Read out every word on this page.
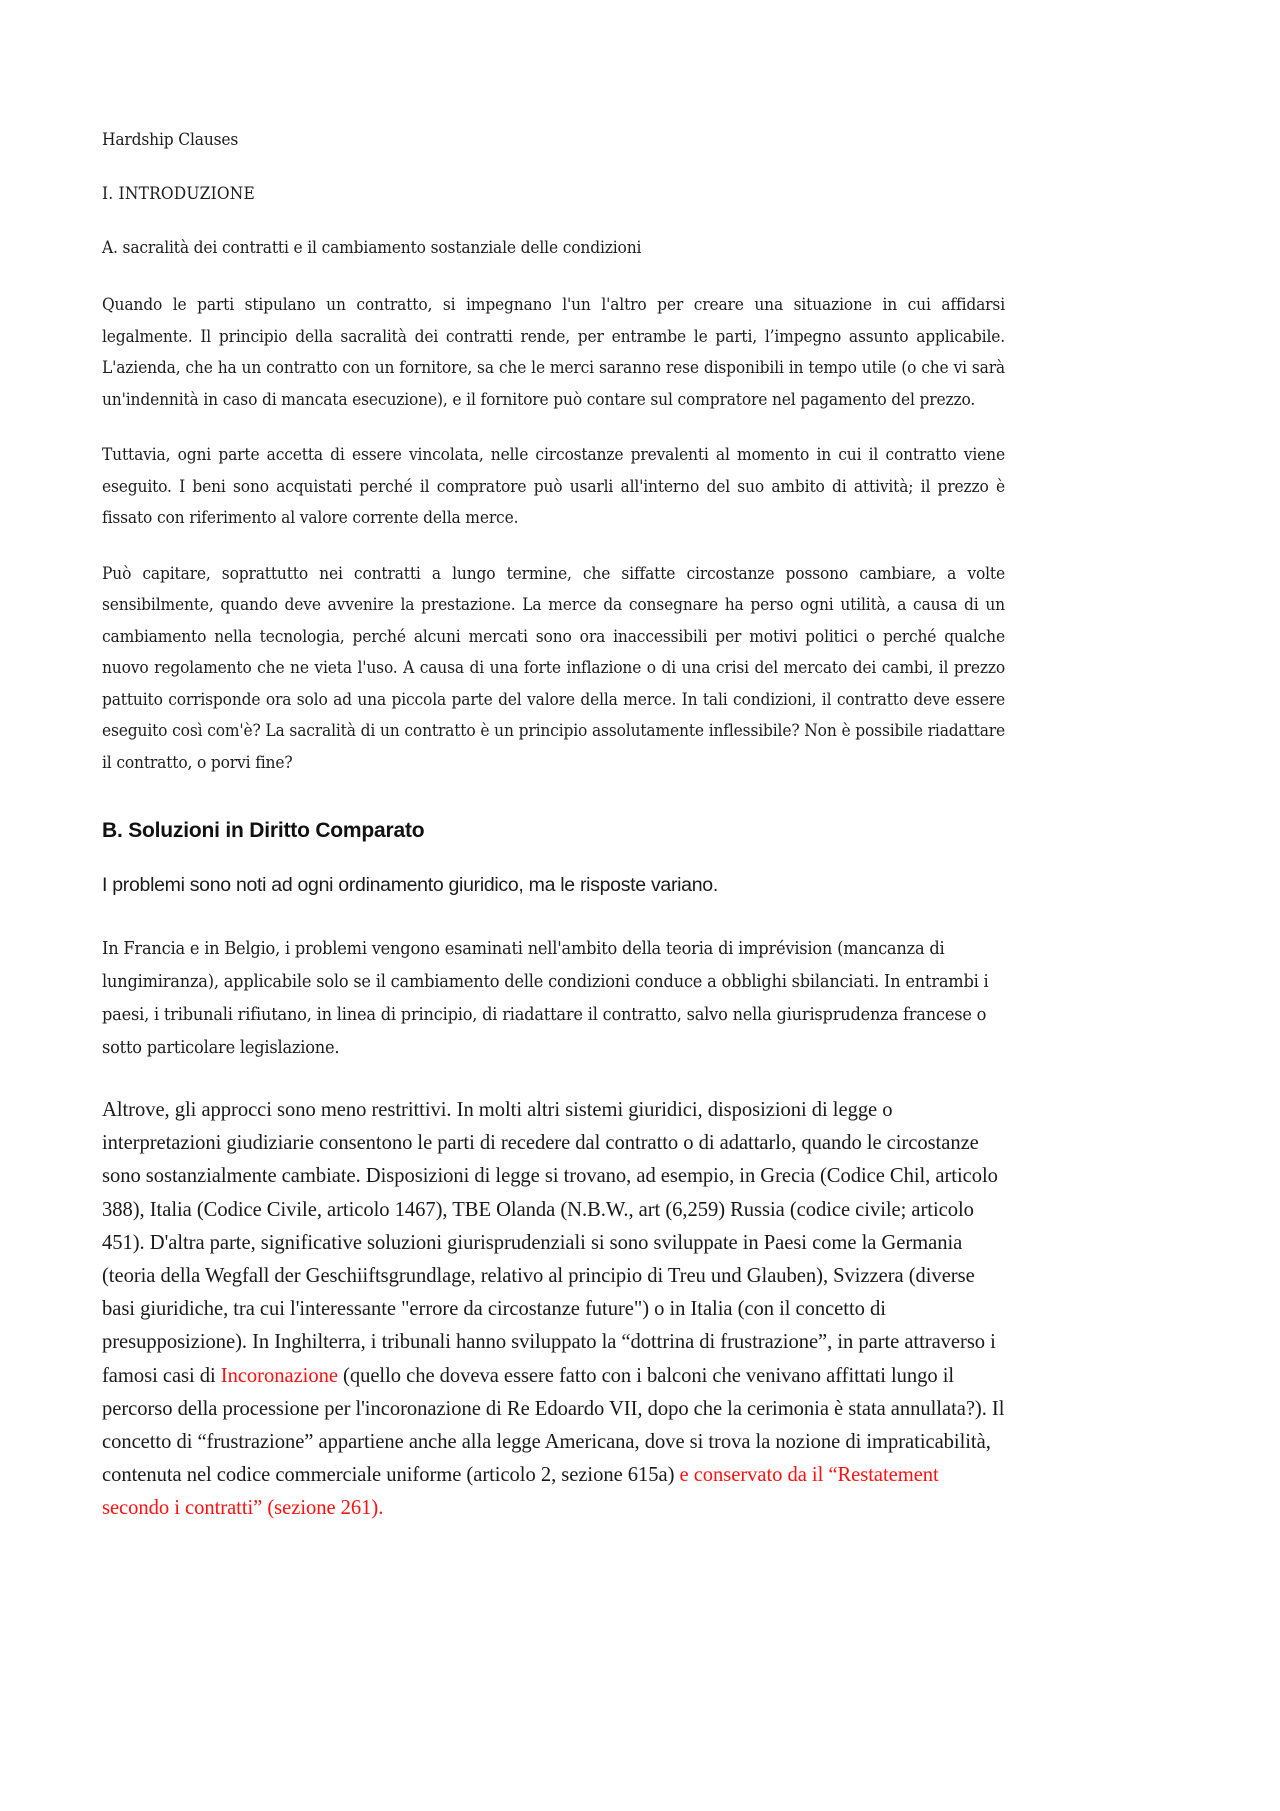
Hardship Clauses
I. INTRODUZIONE
A. sacralità dei contratti e il cambiamento sostanziale delle condizioni

Quando le parti stipulano un contratto, si impegnano l'un l'altro per creare una situazione in cui affidarsi legalmente. Il principio della sacralità dei contratti rende, per entrambe le parti, l’impegno assunto applicabile. L'azienda, che ha un contratto con un fornitore, sa che le merci saranno rese disponibili in tempo utile (o che vi sarà un'indennità in caso di mancata esecuzione), e il fornitore può contare sul compratore nel pagamento del prezzo.

Tuttavia, ogni parte accetta di essere vincolata, nelle circostanze prevalenti al momento in cui il contratto viene eseguito. I beni sono acquistati perché il compratore può usarli all'interno del suo ambito di attività; il prezzo è fissato con riferimento al valore corrente della merce.

Può capitare, soprattutto nei contratti a lungo termine, che siffatte circostanze possono cambiare, a volte sensibilmente, quando deve avvenire la prestazione. La merce da consegnare ha perso ogni utilità, a causa di un cambiamento nella tecnologia, perché alcuni mercati sono ora inaccessibili per motivi politici o perché qualche nuovo regolamento che ne vieta l'uso. A causa di una forte inflazione o di una crisi del mercato dei cambi, il prezzo pattuito corrisponde ora solo ad una piccola parte del valore della merce. In tali condizioni, il contratto deve essere eseguito così com'è? La sacralità di un contratto è un principio assolutamente inflessibile? Non è possibile riadattare il contratto, o porvi fine?

B. Soluzioni in Diritto Comparato
I problemi sono noti ad ogni ordinamento giuridico, ma le risposte variano.

In Francia e in Belgio, i problemi vengono esaminati nell'ambito della teoria di imprévision (mancanza di lungimiranza), applicabile solo se il cambiamento delle condizioni conduce a obblighi sbilanciati. In entrambi i paesi, i tribunali rifiutano, in linea di principio, di riadattare il contratto, salvo nella giurisprudenza francese o sotto particolare legislazione.

Altrove, gli approcci sono meno restrittivi. In molti altri sistemi giuridici, disposizioni di legge o interpretazioni giudiziarie consentono le parti di recedere dal contratto o di adattarlo, quando le circostanze sono sostanzialmente cambiate. Disposizioni di legge si trovano, ad esempio, in Grecia (Codice Chil, articolo 388), Italia (Codice Civile, articolo 1467), TBE Olanda (N.B.W., art (6,259) Russia (codice civile; articolo 451). D'altra parte, significative soluzioni giurisprudenziali si sono sviluppate in Paesi come la Germania (teoria della Wegfall der Geschiiftsgrundlage, relativo al principio di Treu und Glauben), Svizzera (diverse basi giuridiche, tra cui l'interessante "errore da circostanze future") o in Italia (con il concetto di presupposizione). In Inghilterra, i tribunali hanno sviluppato la “dottrina di frustrazione”, in parte attraverso i famosi casi di Incoronazione (quello che doveva essere fatto con i balconi che venivano affittati lungo il percorso della processione per l'incoronazione di Re Edoardo VII, dopo che la cerimonia è stata annullata?). Il concetto di “frustrazione” appartiene anche alla legge Americana, dove si trova la nozione di impraticabilità, contenuta nel codice commerciale uniforme (articolo 2, sezione 615a) e conservato da il “Restatement secondo i contratti” (sezione 261).
